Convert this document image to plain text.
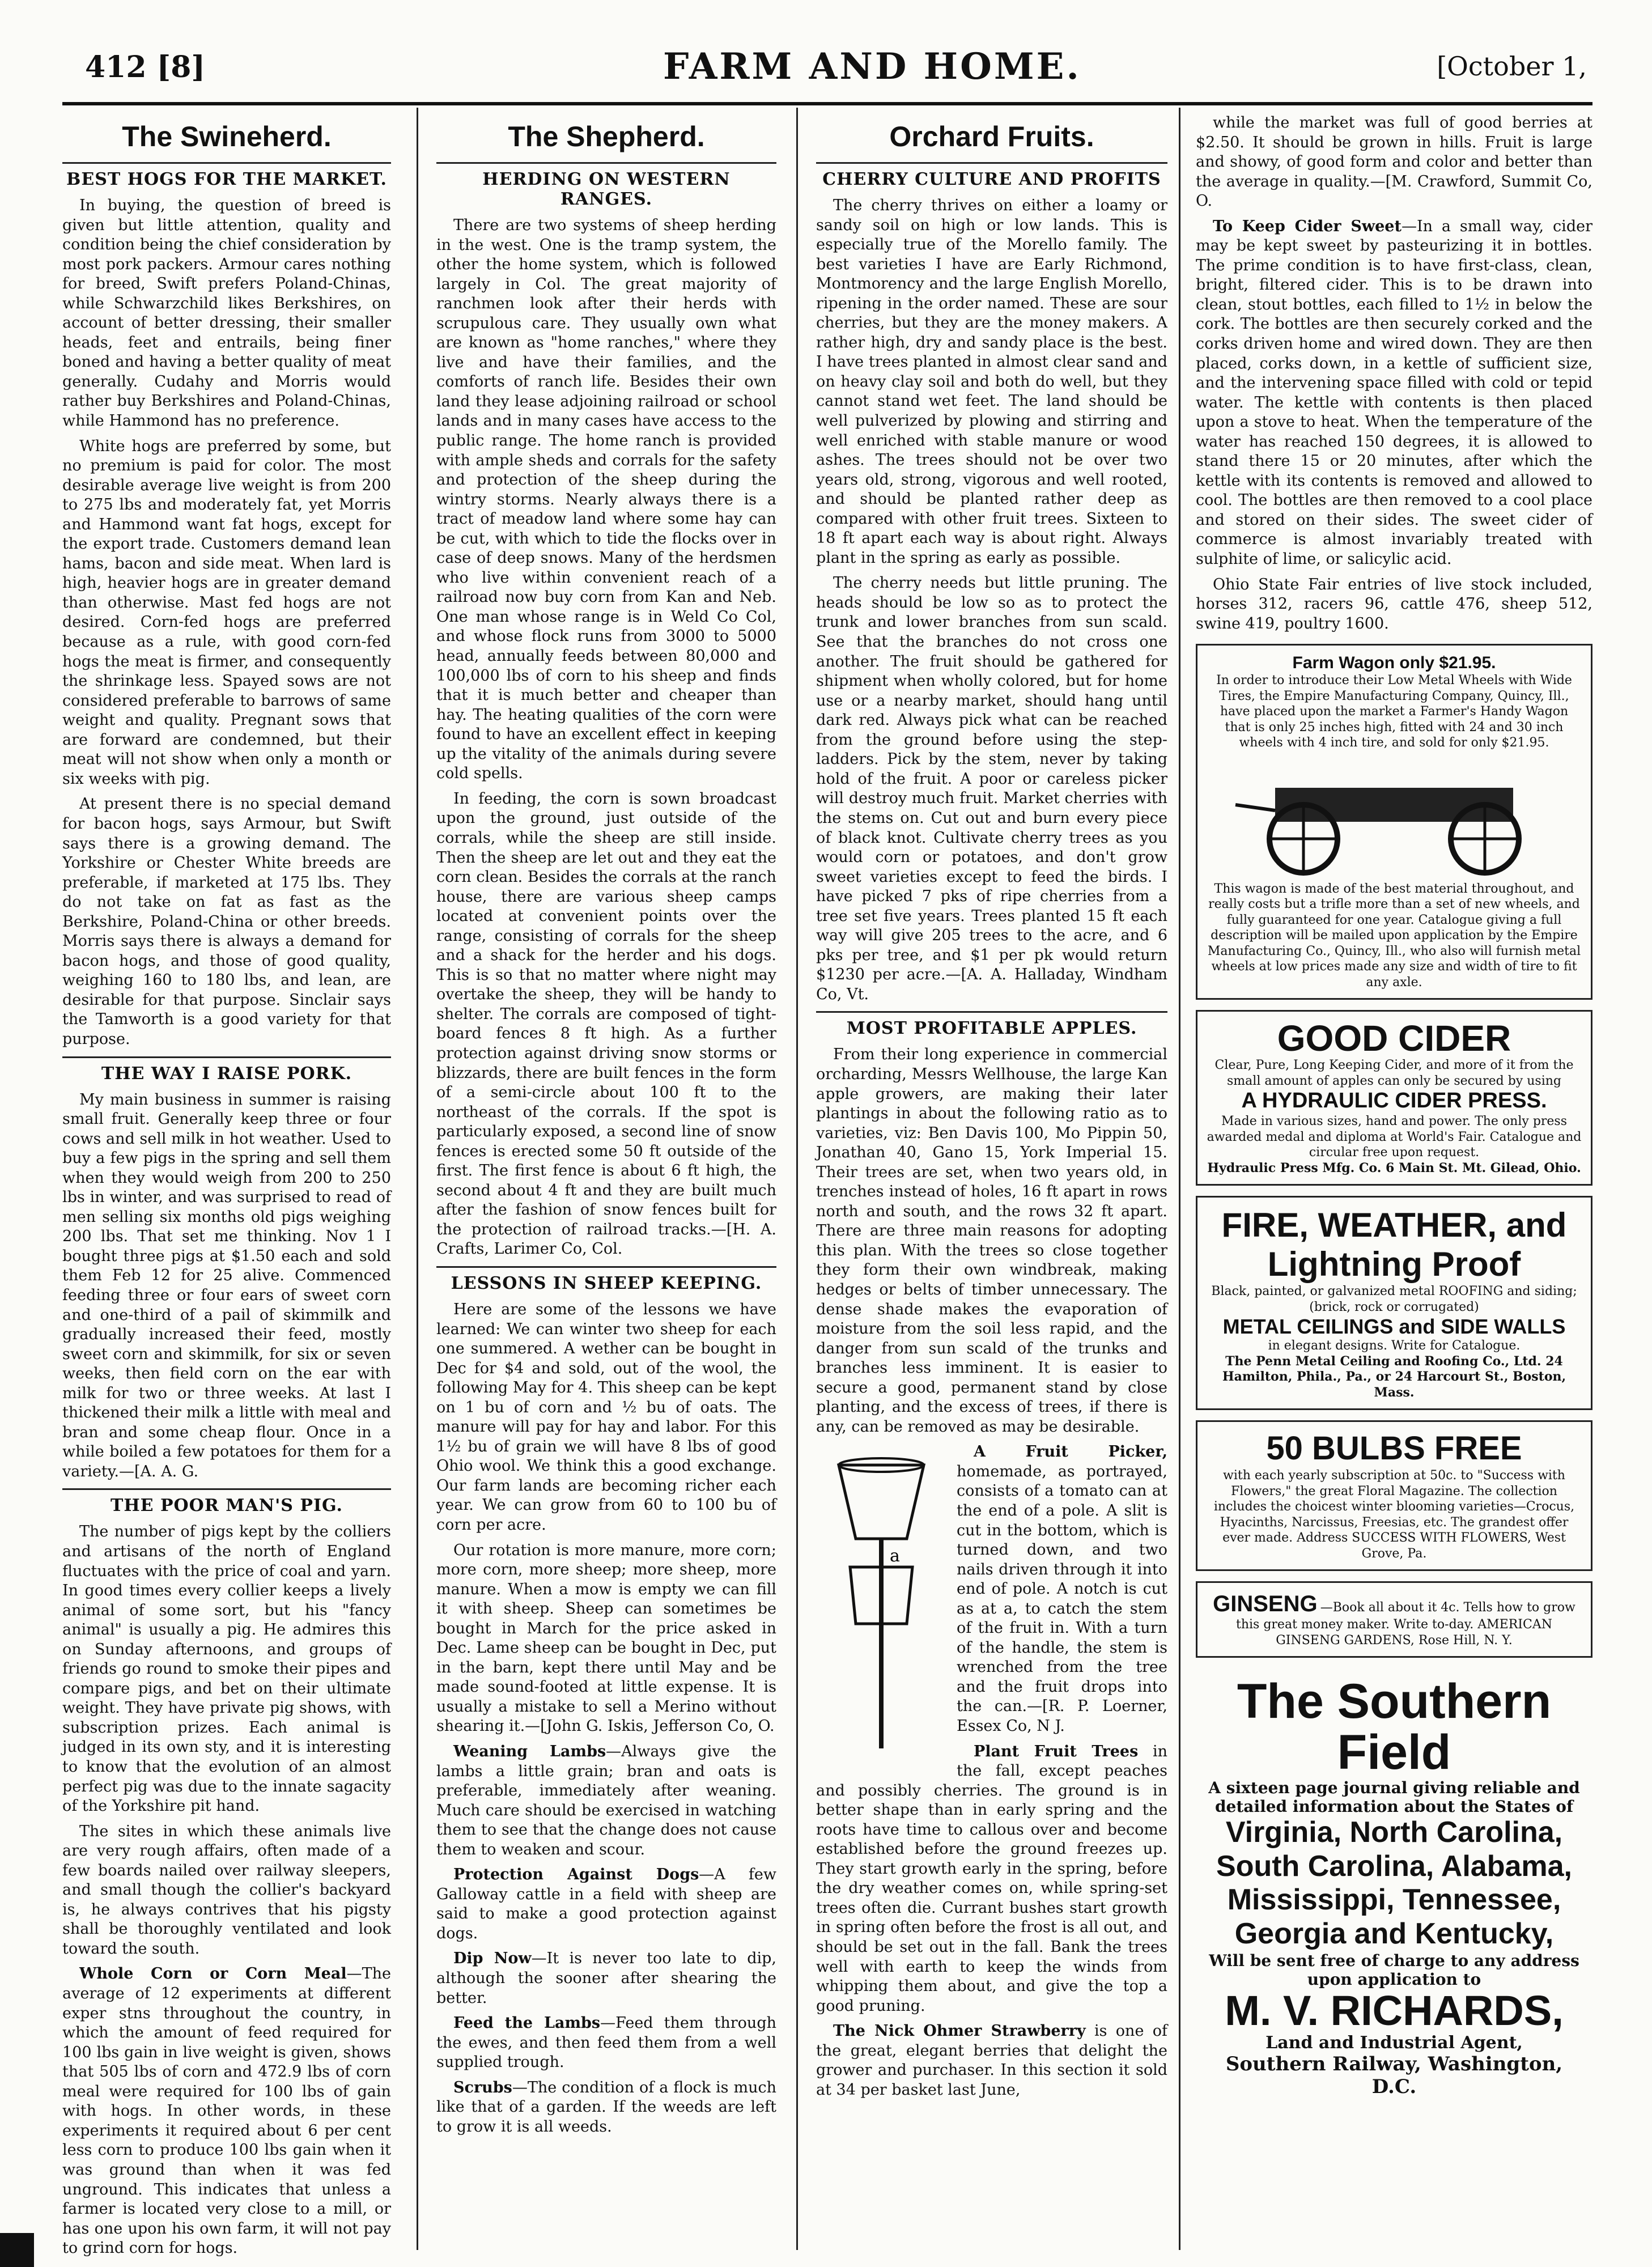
412 [8]	FARM AND HOME.	[October 1,
The Swineherd.
BEST HOGS FOR THE MARKET.

In buying, the question of breed is given but little attention, quality and condition being the chief consideration by most pork packers. Armour cares nothing for breed, Swift prefers Poland-Chinas, while Schwarzchild likes Berkshires, on account of better dressing, their smaller heads, feet and entrails, being finer boned and having a better quality of meat generally. Cudahy and Morris would rather buy Berkshires and Poland-Chinas, while Hammond has no preference.

White hogs are preferred by some, but no premium is paid for color. The most desirable average live weight is from 200 to 275 lbs and moderately fat, yet Morris and Hammond want fat hogs, except for the export trade. Customers demand lean hams, bacon and side meat. When lard is high, heavier hogs are in greater demand than otherwise. Mast fed hogs are not desired. Corn-fed hogs are preferred because as a rule, with good corn-fed hogs the meat is firmer, and consequently the shrinkage less. Spayed sows are not considered preferable to barrows of same weight and quality. Pregnant sows that are forward are condemned, but their meat will not show when only a month or six weeks with pig.

At present there is no special demand for bacon hogs, says Armour, but Swift says there is a growing demand. The Yorkshire or Chester White breeds are preferable, if marketed at 175 lbs. They do not take on fat as fast as the Berkshire, Poland-China or other breeds. Morris says there is always a demand for bacon hogs, and those of good quality, weighing 160 to 180 lbs, and lean, are desirable for that purpose. Sinclair says the Tamworth is a good variety for that purpose.

THE WAY I RAISE PORK.

My main business in summer is raising small fruit. Generally keep three or four cows and sell milk in hot weather. Used to buy a few pigs in the spring and sell them when they would weigh from 200 to 250 lbs in winter, and was surprised to read of men selling six months old pigs weighing 200 lbs. That set me thinking. Nov 1 I bought three pigs at $1.50 each and sold them Feb 12 for 25 alive. Commenced feeding three or four ears of sweet corn and one-third of a pail of skimmilk and gradually increased their feed, mostly sweet corn and skimmilk, for six or seven weeks, then field corn on the ear with milk for two or three weeks. At last I thickened their milk a little with meal and bran and some cheap flour. Once in a while boiled a few potatoes for them for a variety.—[A. A. G.

THE POOR MAN'S PIG.

The number of pigs kept by the colliers and artisans of the north of England fluctuates with the price of coal and yarn. In good times every collier keeps a lively animal of some sort, but his "fancy animal" is usually a pig. He admires this on Sunday afternoons, and groups of friends go round to smoke their pipes and compare pigs, and bet on their ultimate weight. They have private pig shows, with subscription prizes. Each animal is judged in its own sty, and it is interesting to know that the evolution of an almost perfect pig was due to the innate sagacity of the Yorkshire pit hand.

The sites in which these animals live are very rough affairs, often made of a few boards nailed over railway sleepers, and small though the collier's backyard is, he always contrives that his pigsty shall be thoroughly ventilated and look toward the south.

Whole Corn or Corn Meal—The average of 12 experiments at different exper stns throughout the country, in which the amount of feed required for 100 lbs gain in live weight is given, shows that 505 lbs of corn and 472.9 lbs of corn meal were required for 100 lbs of gain with hogs. In other words, in these experiments it required about 6 per cent less corn to produce 100 lbs gain when it was ground than when it was fed unground. This indicates that unless a farmer is located very close to a mill, or has one upon his own farm, it will not pay to grind corn for hogs.

The Shepherd.
HERDING ON WESTERN RANGES.

There are two systems of sheep herding in the west. One is the tramp system, the other the home system, which is followed largely in Col. The great majority of ranchmen look after their herds with scrupulous care. They usually own what are known as "home ranches," where they live and have their families, and the comforts of ranch life. Besides their own land they lease adjoining railroad or school lands and in many cases have access to the public range. The home ranch is provided with ample sheds and corrals for the safety and protection of the sheep during the wintry storms. Nearly always there is a tract of meadow land where some hay can be cut, with which to tide the flocks over in case of deep snows. Many of the herdsmen who live within convenient reach of a railroad now buy corn from Kan and Neb. One man whose range is in Weld Co Col, and whose flock runs from 3000 to 5000 head, annually feeds between 80,000 and 100,000 lbs of corn to his sheep and finds that it is much better and cheaper than hay. The heating qualities of the corn were found to have an excellent effect in keeping up the vitality of the animals during severe cold spells.

In feeding, the corn is sown broadcast upon the ground, just outside of the corrals, while the sheep are still inside. Then the sheep are let out and they eat the corn clean. Besides the corrals at the ranch house, there are various sheep camps located at convenient points over the range, consisting of corrals for the sheep and a shack for the herder and his dogs. This is so that no matter where night may overtake the sheep, they will be handy to shelter. The corrals are composed of tight-board fences 8 ft high. As a further protection against driving snow storms or blizzards, there are built fences in the form of a semi-circle about 100 ft to the northeast of the corrals. If the spot is particularly exposed, a second line of snow fences is erected some 50 ft outside of the first. The first fence is about 6 ft high, the second about 4 ft and they are built much after the fashion of snow fences built for the protection of railroad tracks.—[H. A. Crafts, Larimer Co, Col.

LESSONS IN SHEEP KEEPING.

Here are some of the lessons we have learned: We can winter two sheep for each one summered. A wether can be bought in Dec for $4 and sold, out of the wool, the following May for 4. This sheep can be kept on 1 bu of corn and ½ bu of oats. The manure will pay for hay and labor. For this 1½ bu of grain we will have 8 lbs of good Ohio wool. We think this a good exchange. Our farm lands are becoming richer each year. We can grow from 60 to 100 bu of corn per acre.

Our rotation is more manure, more corn; more corn, more sheep; more sheep, more manure. When a mow is empty we can fill it with sheep. Sheep can sometimes be bought in March for the price asked in Dec. Lame sheep can be bought in Dec, put in the barn, kept there until May and be made sound-footed at little expense. It is usually a mistake to sell a Merino without shearing it.—[John G. Iskis, Jefferson Co, O.

Weaning Lambs—Always give the lambs a little grain; bran and oats is preferable, immediately after weaning. Much care should be exercised in watching them to see that the change does not cause them to weaken and scour.

Protection Against Dogs—A few Galloway cattle in a field with sheep are said to make a good protection against dogs.

Dip Now—It is never too late to dip, although the sooner after shearing the better.

Feed the Lambs—Feed them through the ewes, and then feed them from a well supplied trough.

Scrubs—The condition of a flock is much like that of a garden. If the weeds are left to grow it is all weeds.

Orchard Fruits.
CHERRY CULTURE AND PROFITS

The cherry thrives on either a loamy or sandy soil on high or low lands. This is especially true of the Morello family. The best varieties I have are Early Richmond, Montmorency and the large English Morello, ripening in the order named. These are sour cherries, but they are the money makers. A rather high, dry and sandy place is the best. I have trees planted in almost clear sand and on heavy clay soil and both do well, but they cannot stand wet feet. The land should be well pulverized by plowing and stirring and well enriched with stable manure or wood ashes. The trees should not be over two years old, strong, vigorous and well rooted, and should be planted rather deep as compared with other fruit trees. Sixteen to 18 ft apart each way is about right. Always plant in the spring as early as possible.

The cherry needs but little pruning. The heads should be low so as to protect the trunk and lower branches from sun scald. See that the branches do not cross one another. The fruit should be gathered for shipment when wholly colored, but for home use or a nearby market, should hang until dark red. Always pick what can be reached from the ground before using the step-ladders. Pick by the stem, never by taking hold of the fruit. A poor or careless picker will destroy much fruit. Market cherries with the stems on. Cut out and burn every piece of black knot. Cultivate cherry trees as you would corn or potatoes, and don't grow sweet varieties except to feed the birds. I have picked 7 pks of ripe cherries from a tree set five years. Trees planted 15 ft each way will give 205 trees to the acre, and 6 pks per tree, and $1 per pk would return $1230 per acre.—[A. A. Halladay, Windham Co, Vt.

MOST PROFITABLE APPLES.

From their long experience in commercial orcharding, Messrs Wellhouse, the large Kan apple growers, are making their later plantings in about the following ratio as to varieties, viz: Ben Davis 100, Mo Pippin 50, Jonathan 40, Gano 15, York Imperial 15. Their trees are set, when two years old, in trenches instead of holes, 16 ft apart in rows north and south, and the rows 32 ft apart. There are three main reasons for adopting this plan. With the trees so close together they form their own windbreak, making hedges or belts of timber unnecessary. The dense shade makes the evaporation of moisture from the soil less rapid, and the danger from sun scald of the trunks and branches less imminent. It is easier to secure a good, permanent stand by close planting, and the excess of trees, if there is any, can be removed as may be desirable.

a
A Fruit Picker, homemade, as portrayed, consists of a tomato can at the end of a pole. A slit is cut in the bottom, which is turned down, and two nails driven through it into end of pole. A notch is cut as at a, to catch the stem of the fruit in. With a turn of the handle, the stem is wrenched from the tree and the fruit drops into the can.—[R. P. Loerner, Essex Co, N J.

Plant Fruit Trees in the fall, except peaches and possibly cherries. The ground is in better shape than in early spring and the roots have time to callous over and become established before the ground freezes up. They start growth early in the spring, before the dry weather comes on, while spring-set trees often die. Currant bushes start growth in spring often before the frost is all out, and should be set out in the fall. Bank the trees well with earth to keep the winds from whipping them about, and give the top a good pruning.

The Nick Ohmer Strawberry is one of the great, elegant berries that delight the grower and purchaser. In this section it sold at 34 per basket last June,

while the market was full of good berries at $2.50. It should be grown in hills. Fruit is large and showy, of good form and color and better than the average in quality.—[M. Crawford, Summit Co, O.

To Keep Cider Sweet—In a small way, cider may be kept sweet by pasteurizing it in bottles. The prime condition is to have first-class, clean, bright, filtered cider. This is to be drawn into clean, stout bottles, each filled to 1½ in below the cork. The bottles are then securely corked and the corks driven home and wired down. They are then placed, corks down, in a kettle of sufficient size, and the intervening space filled with cold or tepid water. The kettle with contents is then placed upon a stove to heat. When the temperature of the water has reached 150 degrees, it is allowed to stand there 15 or 20 minutes, after which the kettle with its contents is removed and allowed to cool. The bottles are then removed to a cool place and stored on their sides. The sweet cider of commerce is almost invariably treated with sulphite of lime, or salicylic acid.

Ohio State Fair entries of live stock included, horses 312, racers 96, cattle 476, sheep 512, swine 419, poultry 1600.

Farm Wagon only $21.95.
In order to introduce their Low Metal Wheels with Wide Tires, the Empire Manufacturing Company, Quincy, Ill., have placed upon the market a Farmer's Handy Wagon that is only 25 inches high, fitted with 24 and 30 inch wheels with 4 inch tire, and sold for only $21.95.
This wagon is made of the best material throughout, and really costs but a trifle more than a set of new wheels, and fully guaranteed for one year. Catalogue giving a full description will be mailed upon application by the Empire Manufacturing Co., Quincy, Ill., who also will furnish metal wheels at low prices made any size and width of tire to fit any axle.
GOOD CIDER
Clear, Pure, Long Keeping Cider, and more of it from the small amount of apples can only be secured by using
A HYDRAULIC CIDER PRESS.
Made in various sizes, hand and power. The only press awarded medal and diploma at World's Fair. Catalogue and circular free upon request.
Hydraulic Press Mfg. Co. 6 Main St. Mt. Gilead, Ohio.
FIRE, WEATHER, and Lightning Proof
Black, painted, or galvanized metal ROOFING and siding; (brick, rock or corrugated)
METAL CEILINGS and SIDE WALLS
in elegant designs. Write for Catalogue.
The Penn Metal Ceiling and Roofing Co., Ltd. 24 Hamilton, Phila., Pa., or 24 Harcourt St., Boston, Mass.
50 BULBS FREE
with each yearly subscription at 50c. to "Success with Flowers," the great Floral Magazine. The collection includes the choicest winter blooming varieties—Crocus, Hyacinths, Narcissus, Freesias, etc. The grandest offer ever made. Address SUCCESS WITH FLOWERS, West Grove, Pa.
GINSENG —Book all about it 4c. Tells how to grow this great money maker. Write to-day. AMERICAN GINSENG GARDENS, Rose Hill, N. Y.
The Southern Field
A sixteen page journal giving reliable and detailed information about the States of
Virginia, North Carolina,
South Carolina, Alabama,
Mississippi, Tennessee,
Georgia and Kentucky,
Will be sent free of charge to any address upon application to
M. V. RICHARDS,
Land and Industrial Agent,
Southern Railway, Washington, D.C.
